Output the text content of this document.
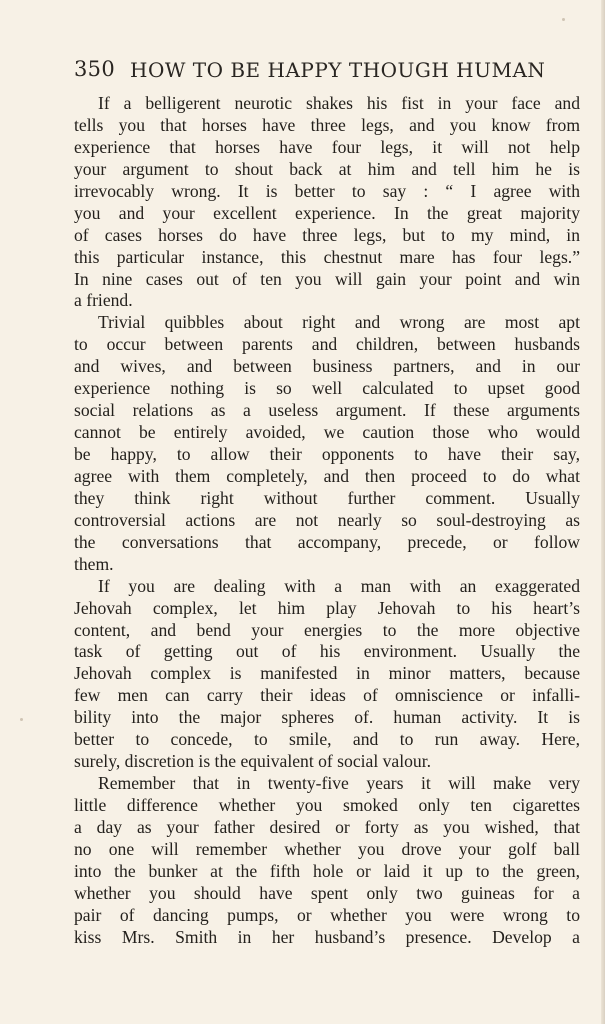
350 HOW TO BE HAPPY THOUGH HUMAN
If a belligerent neurotic shakes his fist in your face and
tells you that horses have three legs, and you know from
experience that horses have four legs, it will not help
your argument to shout back at him and tell him he is
irrevocably wrong. It is better to say : “ I agree with
you and your excellent experience. In the great majority
of cases horses do have three legs, but to my mind, in
this particular instance, this chestnut mare has four legs.”
In nine cases out of ten you will gain your point and win
a friend.
Trivial quibbles about right and wrong are most apt
to occur between parents and children, between husbands
and wives, and between business partners, and in our
experience nothing is so well calculated to upset good
social relations as a useless argument. If these arguments
cannot be entirely avoided, we caution those who would
be happy, to allow their opponents to have their say,
agree with them completely, and then proceed to do what
they think right without further comment. Usually
controversial actions are not nearly so soul-destroying as
the conversations that accompany, precede, or follow
them.
If you are dealing with a man with an exaggerated
Jehovah complex, let him play Jehovah to his heart’s
content, and bend your energies to the more objective
task of getting out of his environment. Usually the
Jehovah complex is manifested in minor matters, because
few men can carry their ideas of omniscience or infalli-
bility into the major spheres of. human activity. It is
better to concede, to smile, and to run away. Here,
surely, discretion is the equivalent of social valour.
Remember that in twenty-five years it will make very
little difference whether you smoked only ten cigarettes
a day as your father desired or forty as you wished, that
no one will remember whether you drove your golf ball
into the bunker at the fifth hole or laid it up to the green,
whether you should have spent only two guineas for a
pair of dancing pumps, or whether you were wrong to
kiss Mrs. Smith in her husband’s presence. Develop a
